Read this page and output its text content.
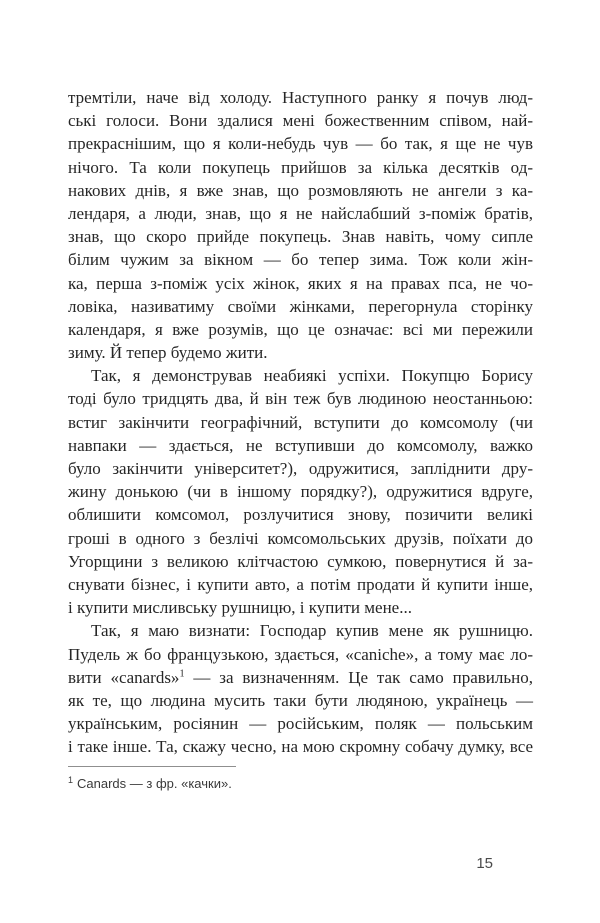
тремтіли, наче від холоду. Наступного ранку я почув люд-
ські голоси. Вони здалися мені божественним співом, най-
прекраснішим, що я коли-небудь чув — бо так, я ще не чув
нічого. Та коли покупець прийшов за кілька десятків од-
накових днів, я вже знав, що розмовляють не ангели з ка-
лендаря, а люди, знав, що я не найслабший з-поміж братів,
знав, що скоро прийде покупець. Знав навіть, чому сипле
білим чужим за вікном — бо тепер зима. Тож коли жін-
ка, перша з-поміж усіх жінок, яких я на правах пса, не чо-
ловіка, називатиму своїми жінками, перегорнула сторінку
календаря, я вже розумів, що це означає: всі ми пережили
зиму. Й тепер будемо жити.
Так, я демонстрував неабиякі успіхи. Покупцю Борису
тоді було тридцять два, й він теж був людиною неостанньою:
встиг закінчити географічний, вступити до комсомолу (чи
навпаки — здається, не вступивши до комсомолу, важко
було закінчити університет?), одружитися, запліднити дру-
жину донькою (чи в іншому порядку?), одружитися вдруге,
облишити комсомол, розлучитися знову, позичити великі
гроші в одного з безлічі комсомольських друзів, поїхати до
Угорщини з великою клітчастою сумкою, повернутися й за-
снувати бізнес, і купити авто, а потім продати й купити інше,
і купити мисливську рушницю, і купити мене...
Так, я маю визнати: Господар купив мене як рушницю.
Пудель ж бо французькою, здається, «caniche», а тому має ло-
вити «canards»$^1$ — за визначенням. Це так само правильно,
як те, що людина мусить таки бути людяною, українець —
українським, росіянин — російським, поляк — польським
і таке інше. Та, скажу чесно, на мою скромну собачу думку, все
$^1$ Canards — з фр. «качки».
15
